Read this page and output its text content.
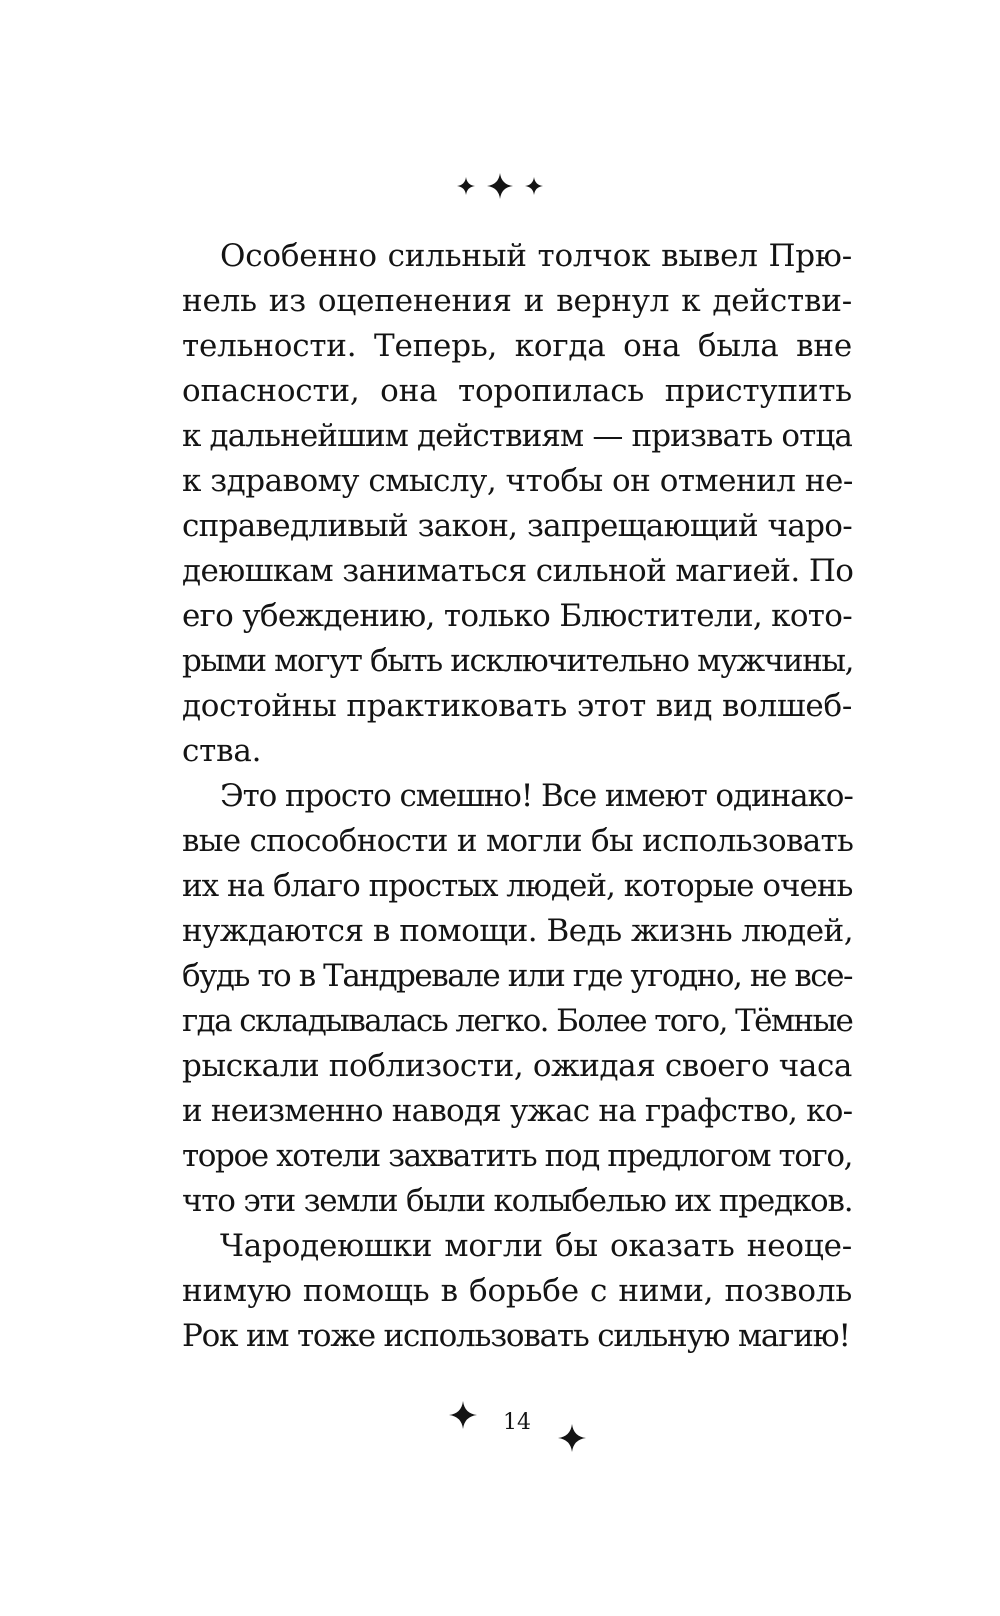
Особенно сильный толчок вывел Прю-
нель из оцепенения и вернул к действи-
тельности. Теперь, когда она была вне
опасности, она торопилась приступить
к дальнейшим действиям — призвать отца
к здравому смыслу, чтобы он отменил не-
справедливый закон, запрещающий чаро-
деюшкам заниматься сильной магией. По
его убеждению, только Блюстители, кото-
рыми могут быть исключительно мужчины,
достойны практиковать этот вид волшеб-
ства.
Это просто смешно! Все имеют одинако-
вые способности и могли бы использовать
их на благо простых людей, которые очень
нуждаются в помощи. Ведь жизнь людей,
будь то в Тандревале или где угодно, не все-
гда складывалась легко. Более того, Тёмные
рыскали поблизости, ожидая своего часа
и неизменно наводя ужас на графство, ко-
торое хотели захватить под предлогом того,
что эти земли были колыбелью их предков.
Чародеюшки могли бы оказать неоце-
нимую помощь в борьбе с ними, позволь
Рок им тоже использовать сильную магию!
14
